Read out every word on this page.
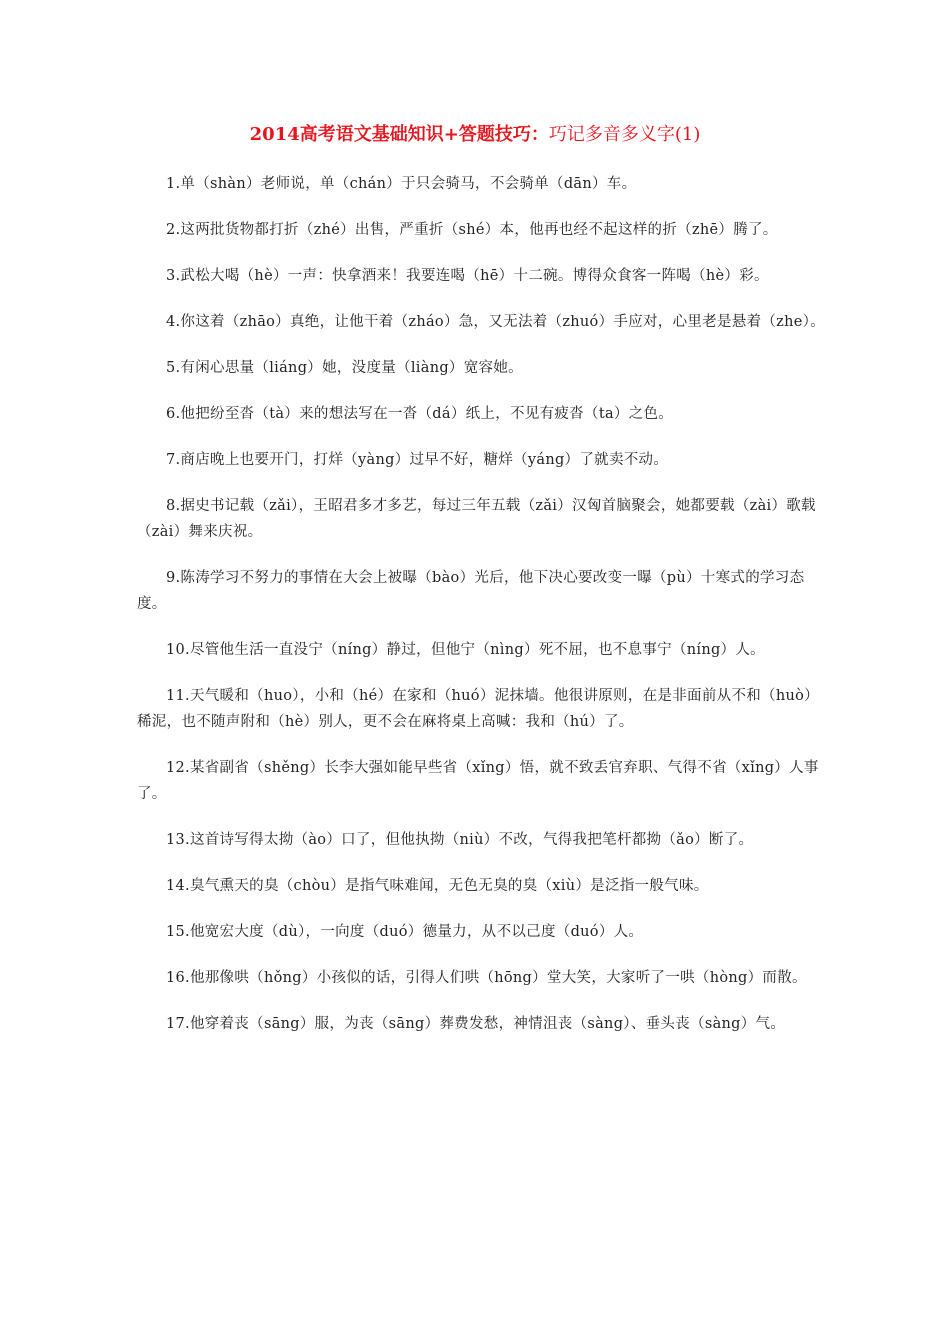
2014高考语文基础知识+答题技巧：巧记多音多义字(1)

1.单（shàn）老师说，单（chán）于只会骑马，不会骑单（dān）车。

2.这两批货物都打折（zhé）出售，严重折（shé）本，他再也经不起这样的折（zhē）腾了。

3.武松大喝（hè）一声：快拿酒来！我要连喝（hē）十二碗。博得众食客一阵喝（hè）彩。

4.你这着（zhāo）真绝，让他干着（zháo）急，又无法着（zhuó）手应对，心里老是悬着（zhe）。

5.有闲心思量（liáng）她，没度量（liàng）宽容她。

6.他把纷至沓（tà）来的想法写在一沓（dá）纸上，不见有疲沓（ta）之色。

7.商店晚上也要开门，打烊（yàng）过早不好，糖烊（yáng）了就卖不动。

8.据史书记载（zǎi），王昭君多才多艺，每过三年五载（zǎi）汉匈首脑聚会，她都要载（zài）歌载（zài）舞来庆祝。

9.陈涛学习不努力的事情在大会上被曝（bào）光后，他下决心要改变一曝（pù）十寒式的学习态度。

10.尽管他生活一直没宁（níng）静过，但他宁（nìng）死不屈，也不息事宁（níng）人。

11.天气暖和（huo），小和（hé）在家和（huó）泥抹墙。他很讲原则，在是非面前从不和（huò）稀泥，也不随声附和（hè）别人，更不会在麻将桌上高喊：我和（hú）了。

12.某省副省（shěng）长李大强如能早些省（xǐng）悟，就不致丢官弃职、气得不省（xǐng）人事了。

13.这首诗写得太拗（ào）口了，但他执拗（niù）不改，气得我把笔杆都拗（ǎo）断了。

14.臭气熏天的臭（chòu）是指气味难闻，无色无臭的臭（xiù）是泛指一般气味。

15.他宽宏大度（dù），一向度（duó）德量力，从不以己度（duó）人。

16.他那像哄（hǒng）小孩似的话，引得人们哄（hōng）堂大笑，大家听了一哄（hòng）而散。

17.他穿着丧（sāng）服，为丧（sāng）葬费发愁，神情沮丧（sàng）、垂头丧（sàng）气。
